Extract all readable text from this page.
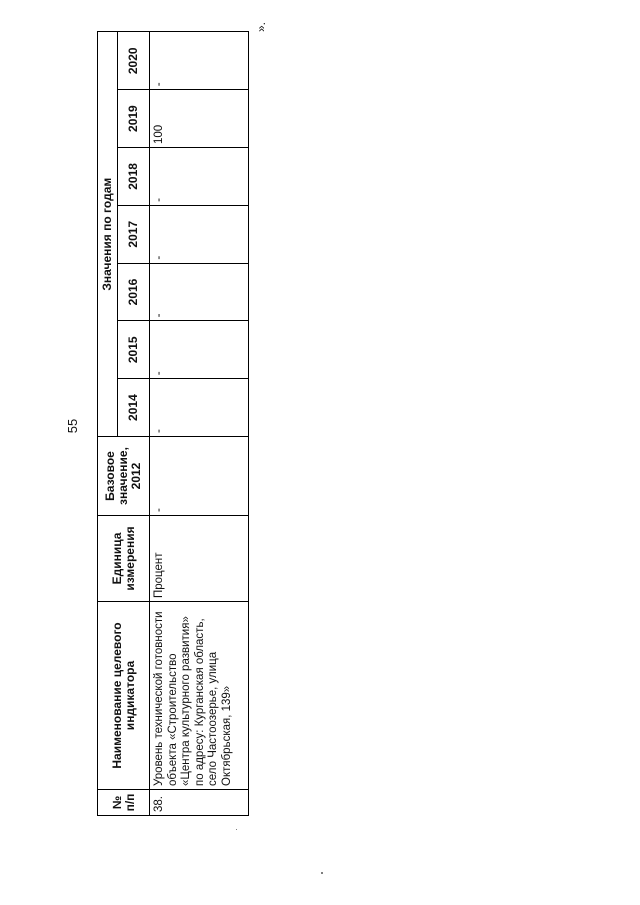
55
№ п/п	Наименование целевого индикатора	Единица измерения	Базовое значение, 2012	Значения по годам						
				2014	2015	2016	2017	2018	2019	2020
38.	Уровень технической готовности объекта «Строительство «Центра культурного развития» по адресу: Курганская область, село Частоозерье, улица Октябрьская, 139»	Процент	-	-	-	-	-	-	100	-
».
